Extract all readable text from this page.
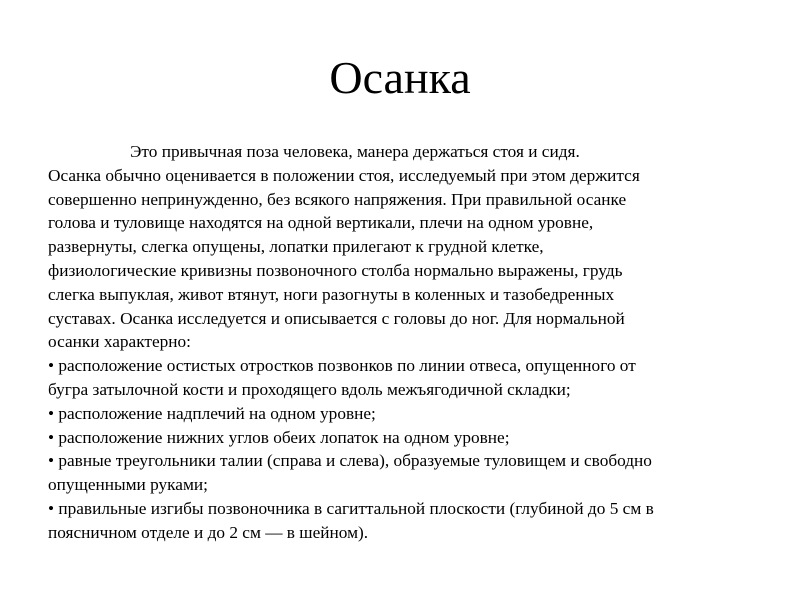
Осанка

Это привычная поза человека, манера держаться стоя и сидя.

Осанка обычно оценивается в положении стоя, исследуемый при этом держится

совершенно непринужденно, без всякого напряжения. При правильной осанке

голова и туловище находятся на одной вертикали, плечи на одном уровне,

развернуты, слегка опущены, лопатки прилегают к грудной клетке,

физиологические кривизны позвоночного столба нормально выражены, грудь

слегка выпуклая, живот втянут, ноги разогнуты в коленных и тазобедренных

суставах. Осанка исследуется и описывается с головы до ног. Для нормальной

осанки характерно:

• расположение остистых отростков позвонков по линии отвеса, опущенного от

бугра затылочной кости и проходящего вдоль межъягодичной складки;

• расположение надплечий на одном уровне;

• расположение нижних углов обеих лопаток на одном уровне;

• равные треугольники талии (справа и слева), образуемые туловищем и свободно

опущенными руками;

• правильные изгибы позвоночника в сагиттальной плоскости (глубиной до 5 см в

поясничном отделе и до 2 см — в шейном).
